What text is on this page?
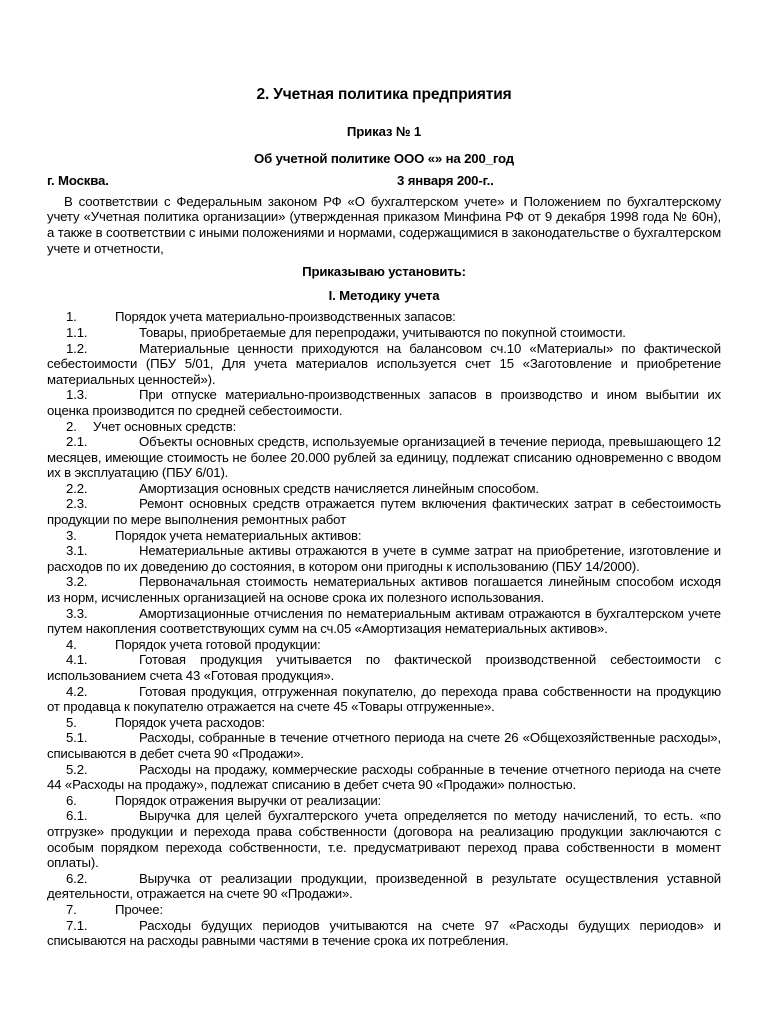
2. Учетная политика предприятия
Приказ № 1
Об учетной политике ООО «» на 200_год
г. Москва.	3 января 200-г..

В соответствии с Федеральным законом РФ «О бухгалтерском учете» и Положением по бухгалтерскому учету «Учетная политика организации» (утвержденная приказом Минфина РФ от 9 декабря 1998 года № 60н), а также в соответствии с иными положениями и нормами, содержащимися в законодательстве о бухгалтерском учете и отчетности,

Приказываю установить:
I. Методику учета

1.	Порядок учета материально-производственных запасов:

1.1.	Товары, приобретаемые для перепродажи, учитываются по покупной стоимости.

1.2.	Материальные ценности приходуются на балансовом сч.10 «Материалы» по фактической себестоимости (ПБУ 5/01, Для учета материалов используется счет 15 «Заготовление и приобретение материальных ценностей»).

1.3.	При отпуске материально-производственных запасов в производство и ином выбытии их оценка производится по средней себестоимости.

2. Учет основных средств:

2.1.	Объекты основных средств, используемые организацией в течение периода, превышающего 12 месяцев, имеющие стоимость не более 20.000 рублей за единицу, подлежат списанию одновременно с вводом их в эксплуатацию (ПБУ 6/01).

2.2.	Амортизация основных средств начисляется линейным способом.

2.3.	Ремонт основных средств отражается путем включения фактических затрат в себестоимость продукции по мере выполнения ремонтных работ

3.	Порядок учета нематериальных активов:

3.1.	Нематериальные активы отражаются в учете в сумме затрат на приобретение, изготовление и расходов по их доведению до состояния, в котором они пригодны к использованию (ПБУ 14/2000).

3.2.	Первоначальная стоимость нематериальных активов погашается линейным способом исходя из норм, исчисленных организацией на основе срока их полезного использования.

3.3.	Амортизационные отчисления по нематериальным активам отражаются в бухгалтерском учете путем накопления соответствующих сумм на сч.05 «Амортизация нематериальных активов».

4.	Порядок учета готовой продукции:

4.1.	Готовая продукция учитывается по фактической производственной себестоимости с использованием счета 43 «Готовая продукция».

4.2.	Готовая продукция, отгруженная покупателю, до перехода права собственности на продукцию от продавца к покупателю отражается на счете 45 «Товары отгруженные».

5.	Порядок учета расходов:

5.1.	Расходы, собранные в течение отчетного периода на счете 26 «Общехозяйственные расходы», списываются в дебет счета 90 «Продажи».

5.2.	Расходы на продажу, коммерческие расходы собранные в течение отчетного периода на счете 44 «Расходы на продажу», подлежат списанию в дебет счета 90 «Продажи» полностью.

6.	Порядок отражения выручки от реализации:

6.1.	Выручка для целей бухгалтерского учета определяется по методу начислений, то есть. «по отгрузке» продукции и перехода права собственности (договора на реализацию продукции заключаются с особым порядком перехода собственности, т.е. предусматривают переход права собственности в момент оплаты).

6.2.	Выручка от реализации продукции, произведенной в результате осуществления уставной деятельности, отражается на счете 90 «Продажи».

7.	Прочее:

7.1.	Расходы будущих периодов учитываются на счете 97 «Расходы будущих периодов» и списываются на расходы равными частями в течение срока их потребления.
